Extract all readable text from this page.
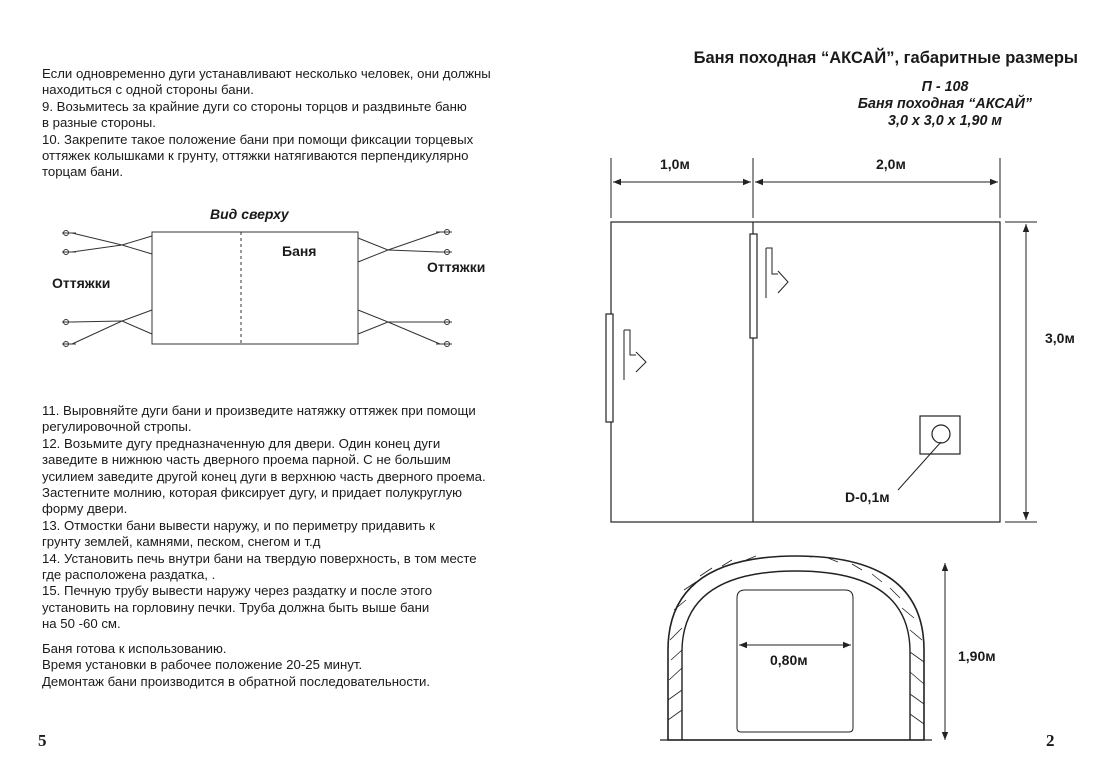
Если одновременно дуги устанавливают несколько человек, они должны
находиться с одной стороны бани.
9. Возьмитесь за крайние дуги со стороны торцов и раздвиньте баню
в разные стороны.
10. Закрепите такое положение бани при помощи фиксации торцевых
оттяжек колышками к грунту, оттяжки натягиваются перпендикулярно
торцам бани.
Вид сверху
Баня
Оттяжки
Оттяжки
11. Выровняйте дуги бани и произведите натяжку оттяжек при помощи
регулировочной стропы.
12. Возьмите дугу предназначенную для двери. Один конец дуги
заведите в нижнюю часть дверного проема парной. С не большим
усилием заведите другой конец дуги в верхнюю часть дверного проема.
Застегните молнию, которая фиксирует дугу, и придает полукруглую
форму двери.
13. Отмостки бани вывести наружу, и по периметру придавить к
грунту землей, камнями, песком, снегом и т.д
14. Установить печь внутри бани на твердую поверхность, в том месте
где расположена раздатка, .
15. Печную трубу вывести наружу через раздатку и после этого
установить на горловину печки. Труба должна быть выше бани
на 50 -60 см.
Баня готова к использованию.
Время установки в рабочее положение 20-25 минут.
Демонтаж бани производится в обратной последовательности.
5
Баня походная “АКСАЙ”, габаритные размеры
П - 108
Баня походная “АКСАЙ”
3,0 х 3,0 х 1,90 м
1,0м	2,0м
3,0м
D-0,1м
0,80м	1,90м
2
